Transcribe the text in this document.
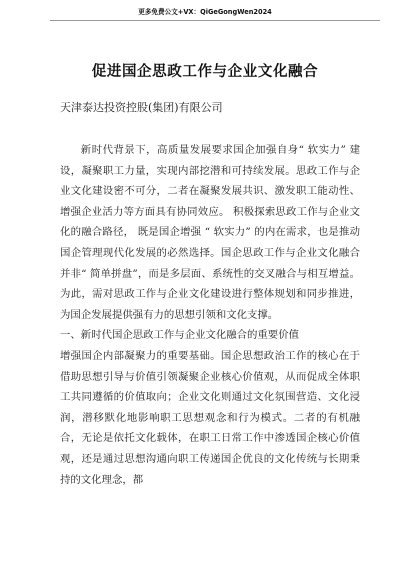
更多免费公文+VX：QiGeGongWen2024
促进国企思政工作与企业文化融合
天津泰达投资控股(集团)有限公司

新时代背景下，高质量发展要求国企加强自身“ 软实力” 建设，凝聚职工力量，实现内部挖潜和可持续发展。思政工作与企业文化建设密不可分，二者在凝聚发展共识、激发职工能动性、增强企业活力等方面具有协同效应。 积极探索思政工作与企业文化的融合路径， 既是国企增强 “ 软实力” 的内在需求，也是推动国企管理现代化发展的必然选择。国企思政工作与企业文化融合并非“ 简单拼盘”，而是多层面、系统性的交叉融合与相互增益。为此，需对思政工作与企业文化建设进行整体规划和同步推进，为国企发展提供强有力的思想引领和文化支撑。

一、新时代国企思政工作与企业文化融合的重要价值

增强国企内部凝聚力的重要基础。国企思想政治工作的核心在于借助思想引导与价值引领凝聚企业核心价值观，从而促成全体职工共同遵循的价值取向；企业文化则通过文化氛围营造、文化浸润，潜移默化地影响职工思想观念和行为模式。二者的有机融合，无论是依托文化载体，在职工日常工作中渗透国企核心价值观，还是通过思想沟通向职工传递国企优良的文化传统与长期秉持的文化理念，都
